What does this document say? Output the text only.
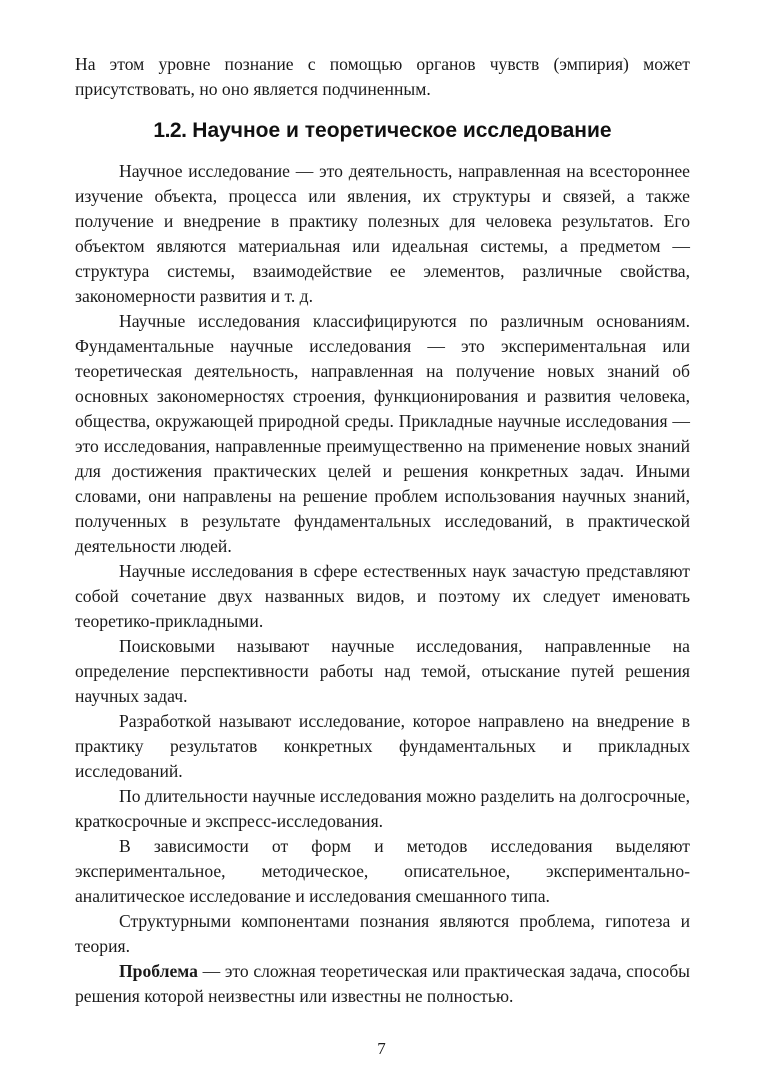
На этом уровне познание с помощью органов чувств (эмпирия) может присутствовать, но оно является подчиненным.

1.2. Научное и теоретическое исследование

Научное исследование — это деятельность, направленная на всестороннее изучение объекта, процесса или явления, их структуры и связей, а также получение и внедрение в практику полезных для человека результатов. Его объектом являются материальная или идеальная системы, а предметом — структура системы, взаимодействие ее элементов, различные свойства, закономерности развития и т. д.

Научные исследования классифицируются по различным основаниям. Фундаментальные научные исследования — это экспериментальная или теоретическая деятельность, направленная на получение новых знаний об основных закономерностях строения, функционирования и развития человека, общества, окружающей природной среды. Прикладные научные исследования — это исследования, направленные преимущественно на применение новых знаний для достижения практических целей и решения конкретных задач. Иными словами, они направлены на решение проблем использования научных знаний, полученных в результате фундаментальных исследований, в практической деятельности людей.

Научные исследования в сфере естественных наук зачастую представляют собой сочетание двух названных видов, и поэтому их следует именовать теоретико-прикладными.

Поисковыми называют научные исследования, направленные на определение перспективности работы над темой, отыскание путей решения научных задач.

Разработкой называют исследование, которое направлено на внедрение в практику результатов конкретных фундаментальных и прикладных исследований.

По длительности научные исследования можно разделить на долгосрочные, краткосрочные и экспресс-исследования.

В зависимости от форм и методов исследования выделяют экспериментальное, методическое, описательное, экспериментально-аналитическое исследование и исследования смешанного типа.

Структурными компонентами познания являются проблема, гипотеза и теория.

Проблема — это сложная теоретическая или практическая задача, способы решения которой неизвестны или известны не полностью.

7
